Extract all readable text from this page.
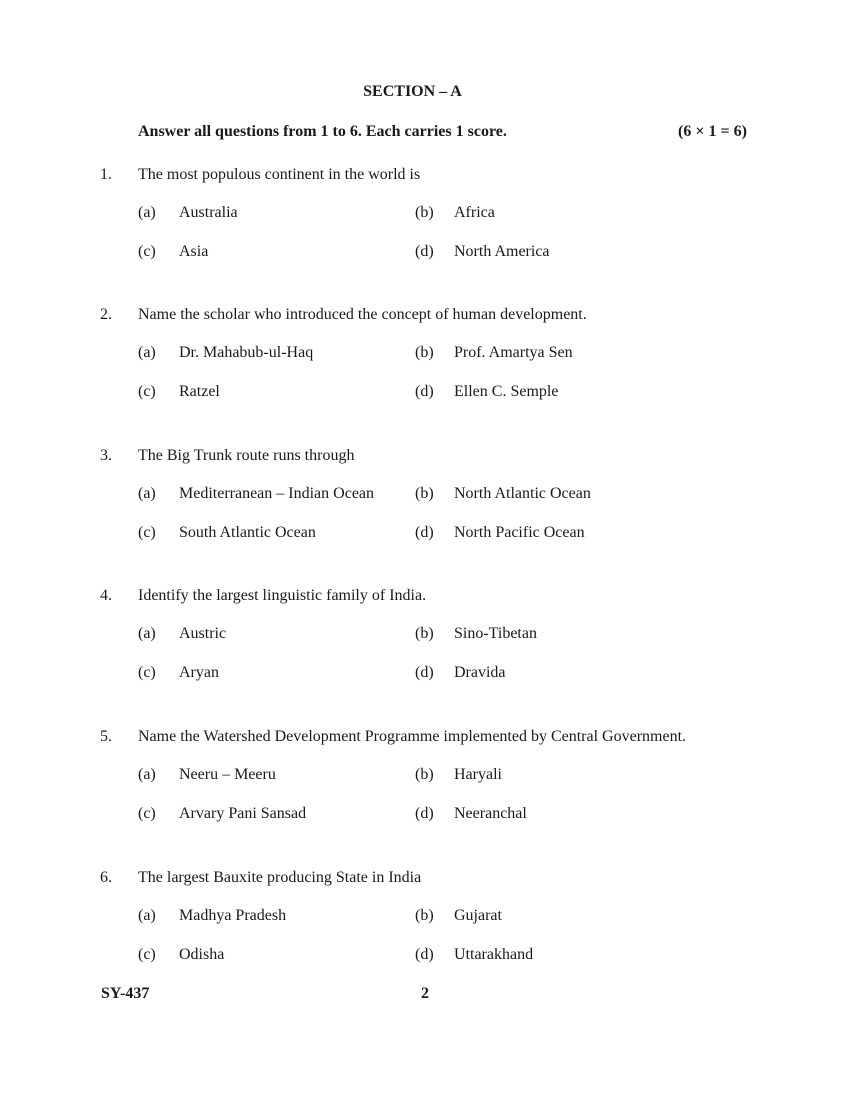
SECTION – A
Answer all questions from 1 to 6. Each carries 1 score.	(6 × 1 = 6)
1. The most populous continent in the world is
(a) Australia	(b) Africa
(c) Asia	(d) North America
2. Name the scholar who introduced the concept of human development.
(a) Dr. Mahabub-ul-Haq	(b) Prof. Amartya Sen
(c) Ratzel	(d) Ellen C. Semple
3. The Big Trunk route runs through
(a) Mediterranean – Indian Ocean	(b) North Atlantic Ocean
(c) South Atlantic Ocean	(d) North Pacific Ocean
4. Identify the largest linguistic family of India.
(a) Austric	(b) Sino-Tibetan
(c) Aryan	(d) Dravida
5. Name the Watershed Development Programme implemented by Central Government.
(a) Neeru – Meeru	(b) Haryali
(c) Arvary Pani Sansad	(d) Neeranchal
6. The largest Bauxite producing State in India
(a) Madhya Pradesh	(b) Gujarat
(c) Odisha	(d) Uttarakhand
SY-437	2
